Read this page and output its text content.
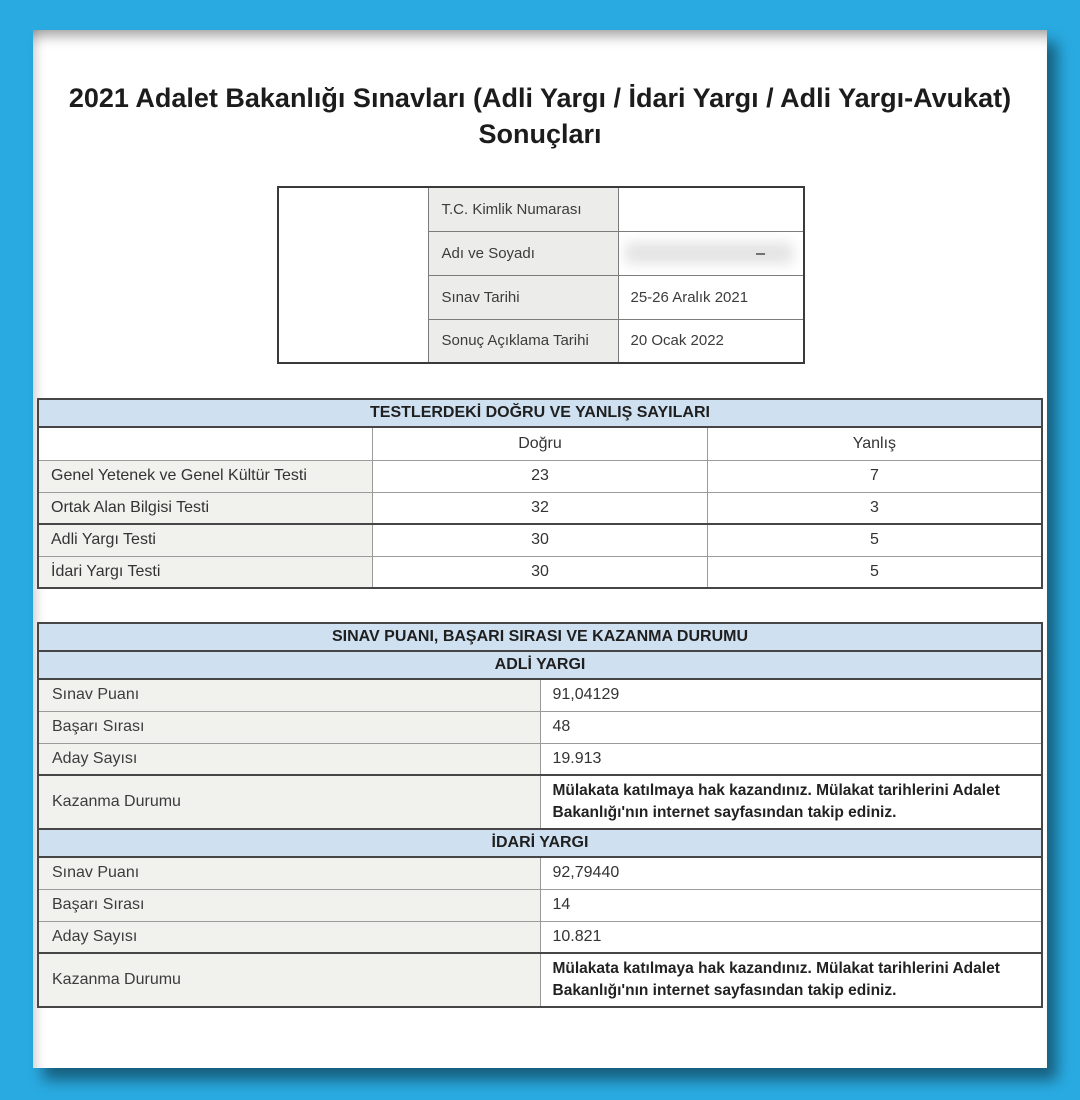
2021 Adalet Bakanlığı Sınavları (Adli Yargı / İdari Yargı / Adli Yargı-Avukat) Sonuçları
	T.C. Kimlik Numarası	
	Adı ve Soyadı	

	Sınav Tarihi	25-26 Aralık 2021
	Sonuç Açıklama Tarihi	20 Ocak 2022
TESTLERDEKİ DOĞRU VE YANLIŞ SAYILARI		
	Doğru	Yanlış
Genel Yetenek ve Genel Kültür Testi	23	7
Ortak Alan Bilgisi Testi	32	3
Adli Yargı Testi	30	5
İdari Yargı Testi	30	5
SINAV PUANI, BAŞARI SIRASI VE KAZANMA DURUMU	
ADLİ YARGI	
Sınav Puanı	91,04129
Başarı Sırası	48
Aday Sayısı	19.913
Kazanma Durumu	Mülakata katılmaya hak kazandınız. Mülakat tarihlerini Adalet Bakanlığı'nın internet sayfasından takip ediniz.
İDARİ YARGI	
Sınav Puanı	92,79440
Başarı Sırası	14
Aday Sayısı	10.821
Kazanma Durumu	Mülakata katılmaya hak kazandınız. Mülakat tarihlerini Adalet Bakanlığı'nın internet sayfasından takip ediniz.
